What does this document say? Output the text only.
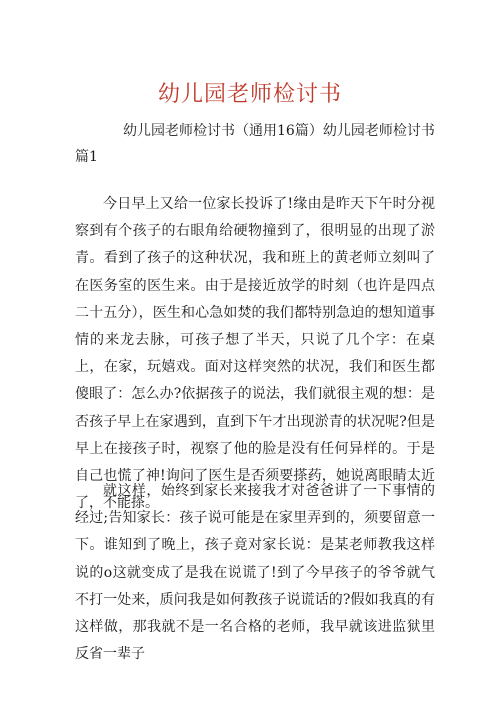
幼儿园老师检讨书

幼儿园老师检讨书（通用16篇）幼儿园老师检讨书篇1

今日早上又给一位家长投诉了!缘由是昨天下午时分视察到有个孩子的右眼角给硬物撞到了，很明显的出现了淤青。看到了孩子的这种状况，我和班上的黄老师立刻叫了在医务室的医生来。由于是接近放学的时刻（也许是四点二十五分），医生和心急如焚的我们都特别急迫的想知道事情的来龙去脉，可孩子想了半天，只说了几个字：在桌上，在家，玩嬉戏。面对这样突然的状况，我们和医生都傻眼了：怎么办?依据孩子的说法，我们就很主观的想：是否孩子早上在家遇到，直到下午才出现淤青的状况呢?但是早上在接孩子时，视察了他的脸是没有任何异样的。于是自己也慌了神!询问了医生是否须要搽药，她说离眼睛太近了，不能搽。

就这样，始终到家长来接我才对爸爸讲了一下事情的经过;告知家长：孩子说可能是在家里弄到的，须要留意一下。谁知到了晚上，孩子竟对家长说：是某老师教我这样说的o这就变成了是我在说谎了!到了今早孩子的爷爷就气不打一处来，质问我是如何教孩子说谎话的?假如我真的有这样做，那我就不是一名合格的老师，我早就该进监狱里反省一辈子
